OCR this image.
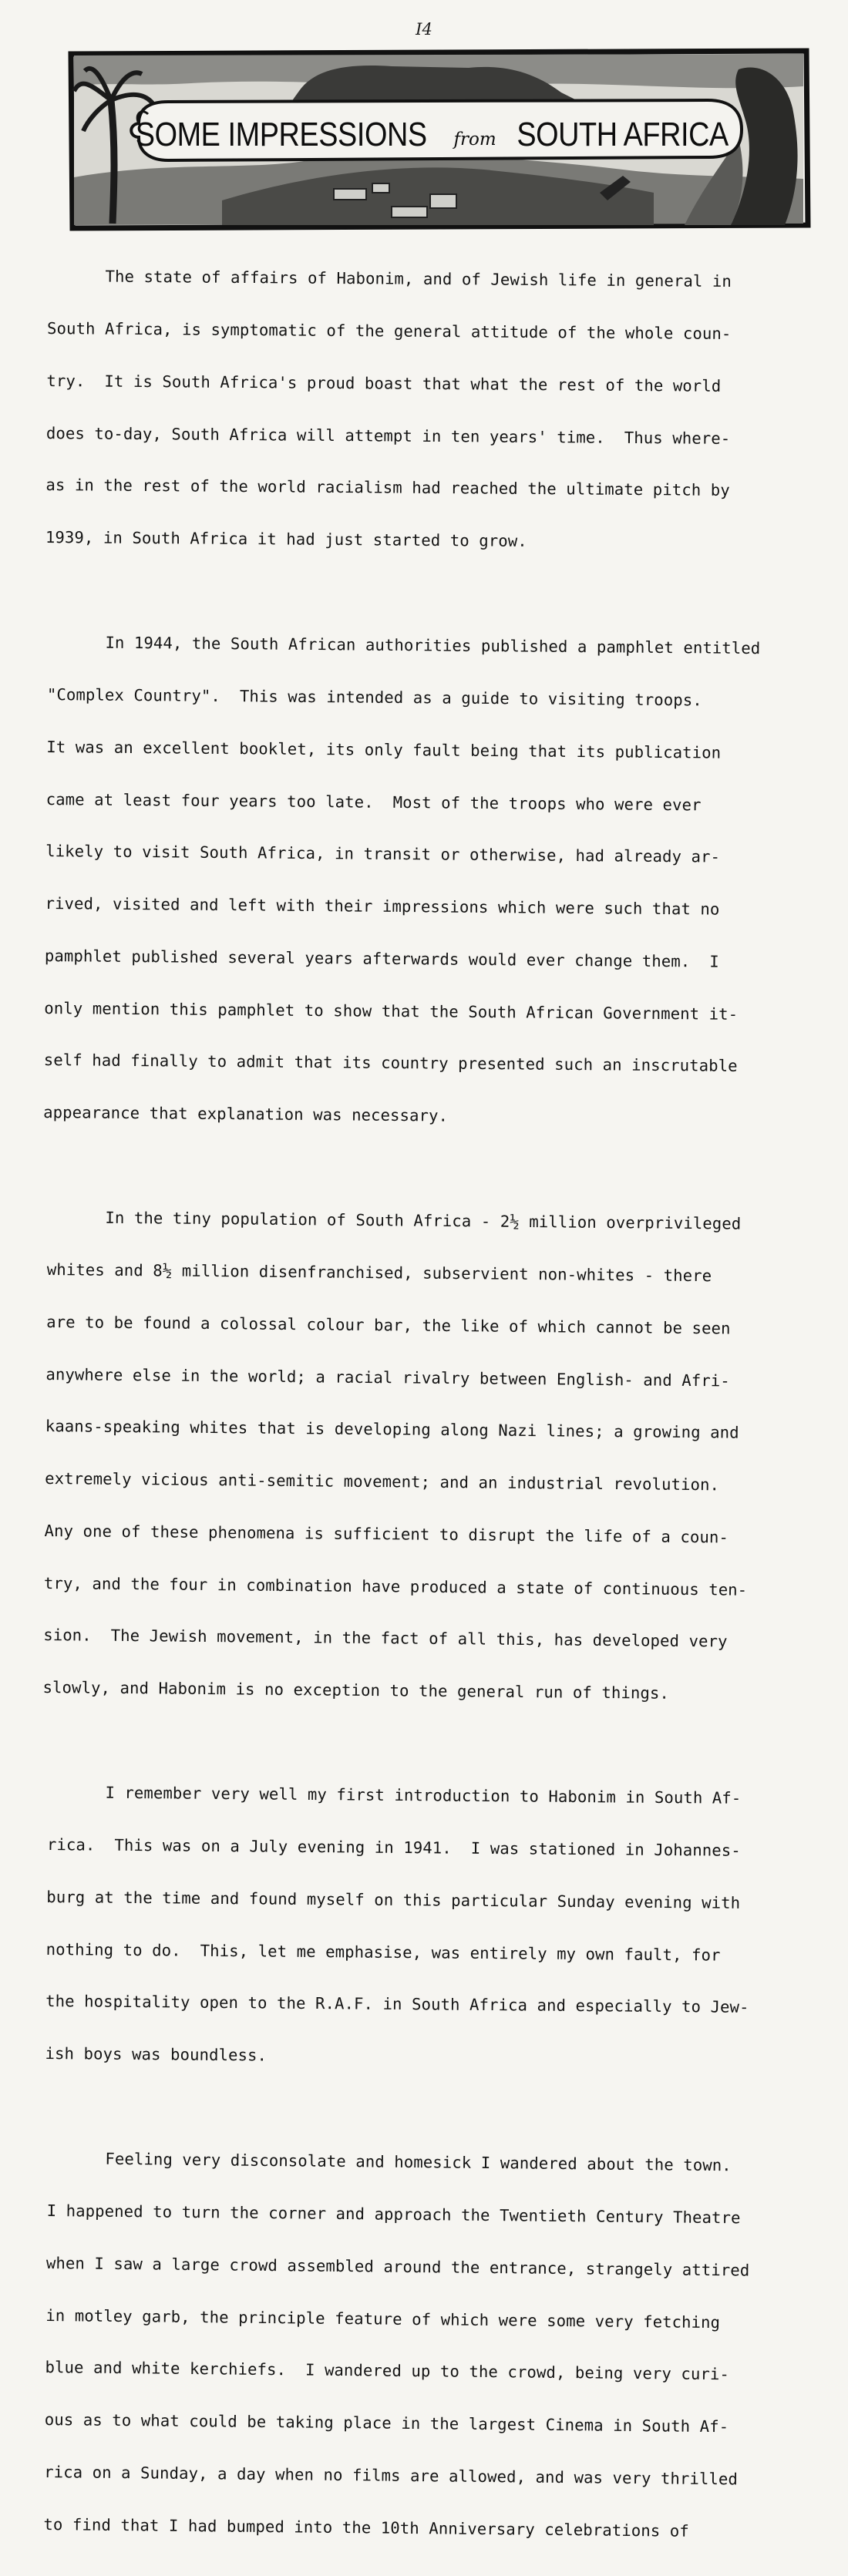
I4
SOME IMPRESSIONS from SOUTH AFRICA

The state of affairs of Habonim, and of Jewish life in general in

South Africa, is symptomatic of the general attitude of the whole coun-

try.  It is South Africa's proud boast that what the rest of the world

does to-day, South Africa will attempt in ten years' time.  Thus where-

as in the rest of the world racialism had reached the ultimate pitch by

1939, in South Africa it had just started to grow.

In 1944, the South African authorities published a pamphlet entitled

"Complex Country".  This was intended as a guide to visiting troops.

It was an excellent booklet, its only fault being that its publication

came at least four years too late.  Most of the troops who were ever

likely to visit South Africa, in transit or otherwise, had already ar-

rived, visited and left with their impressions which were such that no

pamphlet published several years afterwards would ever change them.  I

only mention this pamphlet to show that the South African Government it-

self had finally to admit that its country presented such an inscrutable

appearance that explanation was necessary.

In the tiny population of South Africa - 2½ million overprivileged

whites and 8½ million disenfranchised, subservient non-whites - there

are to be found a colossal colour bar, the like of which cannot be seen

anywhere else in the world; a racial rivalry between English- and Afri-

kaans-speaking whites that is developing along Nazi lines; a growing and

extremely vicious anti-semitic movement; and an industrial revolution.

Any one of these phenomena is sufficient to disrupt the life of a coun-

try, and the four in combination have produced a state of continuous ten-

sion.  The Jewish movement, in the fact of all this, has developed very

slowly, and Habonim is no exception to the general run of things.

I remember very well my first introduction to Habonim in South Af-

rica.  This was on a July evening in 1941.  I was stationed in Johannes-

burg at the time and found myself on this particular Sunday evening with

nothing to do.  This, let me emphasise, was entirely my own fault, for

the hospitality open to the R.A.F. in South Africa and especially to Jew-

ish boys was boundless.

Feeling very disconsolate and homesick I wandered about the town.

I happened to turn the corner and approach the Twentieth Century Theatre

when I saw a large crowd assembled around the entrance, strangely attired

in motley garb, the principle feature of which were some very fetching

blue and white kerchiefs.  I wandered up to the crowd, being very curi-

ous as to what could be taking place in the largest Cinema in South Af-

rica on a Sunday, a day when no films are allowed, and was very thrilled

to find that I had bumped into the 10th Anniversary celebrations of
